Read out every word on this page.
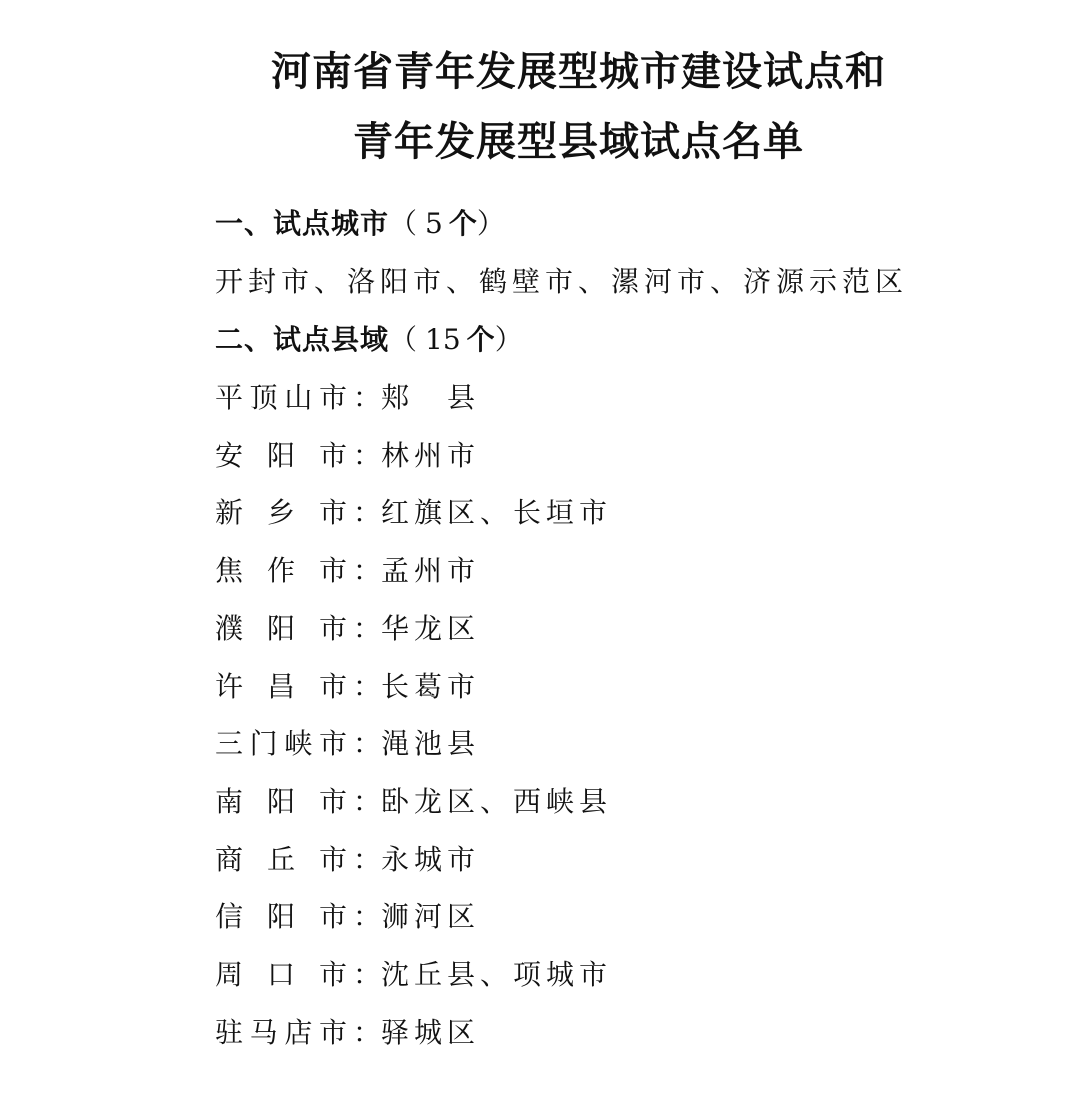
河南省青年发展型城市建设试点和
青年发展型县域试点名单
一、试点城市（ 5 个）
开封市、洛阳市、鹤壁市、漯河市、济源示范区
二、试点县域（ 15 个）
平 顶 山 市 ： 郏　县
安 阳 市 ： 林州市
新 乡 市 ： 红旗区、长垣市
焦 作 市 ： 孟州市
濮 阳 市 ： 华龙区
许 昌 市 ： 长葛市
三 门 峡 市 ： 渑池县
南 阳 市 ： 卧龙区、西峡县
商 丘 市 ： 永城市
信 阳 市 ： 浉河区
周 口 市 ： 沈丘县、项城市
驻 马 店 市 ： 驿城区
